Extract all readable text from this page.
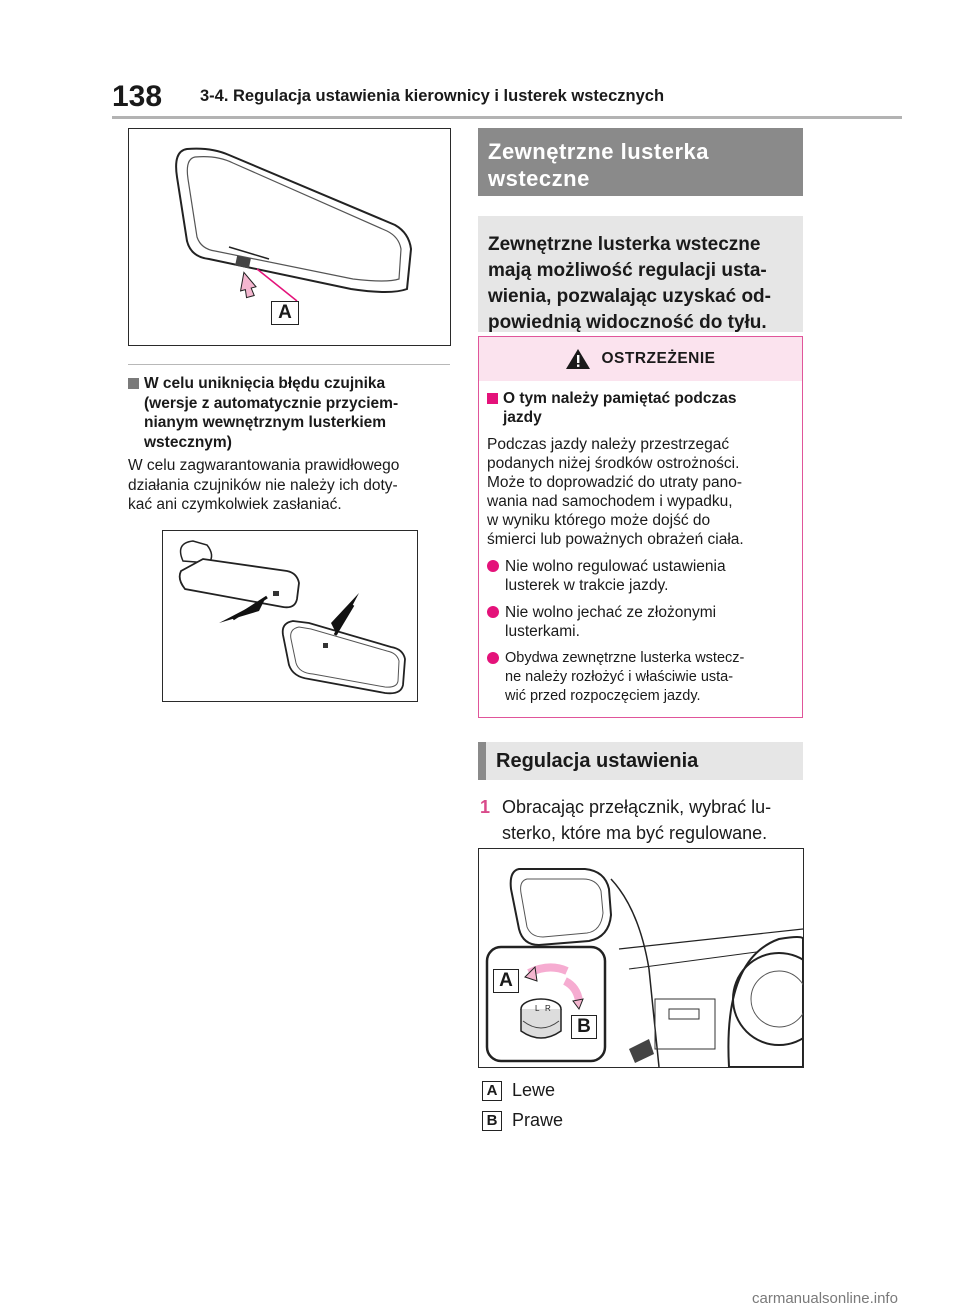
138 3-4. Regulacja ustawienia kierownicy i lusterek wstecznych
A
W celu uniknięcia błędu czujnika
(wersje z automatycznie przyciem-
nianym wewnętrznym lusterkiem
wstecznym)
W celu zagwarantowania prawidłowego
działania czujników nie należy ich doty-
kać ani czymkolwiek zasłaniać.
Zewnętrzne lusterka
wsteczne
Zewnętrzne lusterka wsteczne
mają możliwość regulacji usta-
wienia, pozwalając uzyskać od-
powiednią widoczność do tyłu.
OSTRZEŻENIE
O tym należy pamiętać podczas
jazdy
Podczas jazdy należy przestrzegać
podanych niżej środków ostrożności.
Może to doprowadzić do utraty pano-
wania nad samochodem i wypadku,
w wyniku którego może dojść do
śmierci lub poważnych obrażeń ciała.
Nie wolno regulować ustawienia
lusterek w trakcie jazdy.
Nie wolno jechać ze złożonymi
lusterkami.
Obydwa zewnętrzne lusterka wstecz-
ne należy rozłożyć i właściwie usta-
wić przed rozpoczęciem jazdy.
Regulacja ustawienia
1 Obracając przełącznik, wybrać lu-
sterko, które ma być regulowane.
L R
A
B
A Lewe
B Prawe
carmanualsonline.info
